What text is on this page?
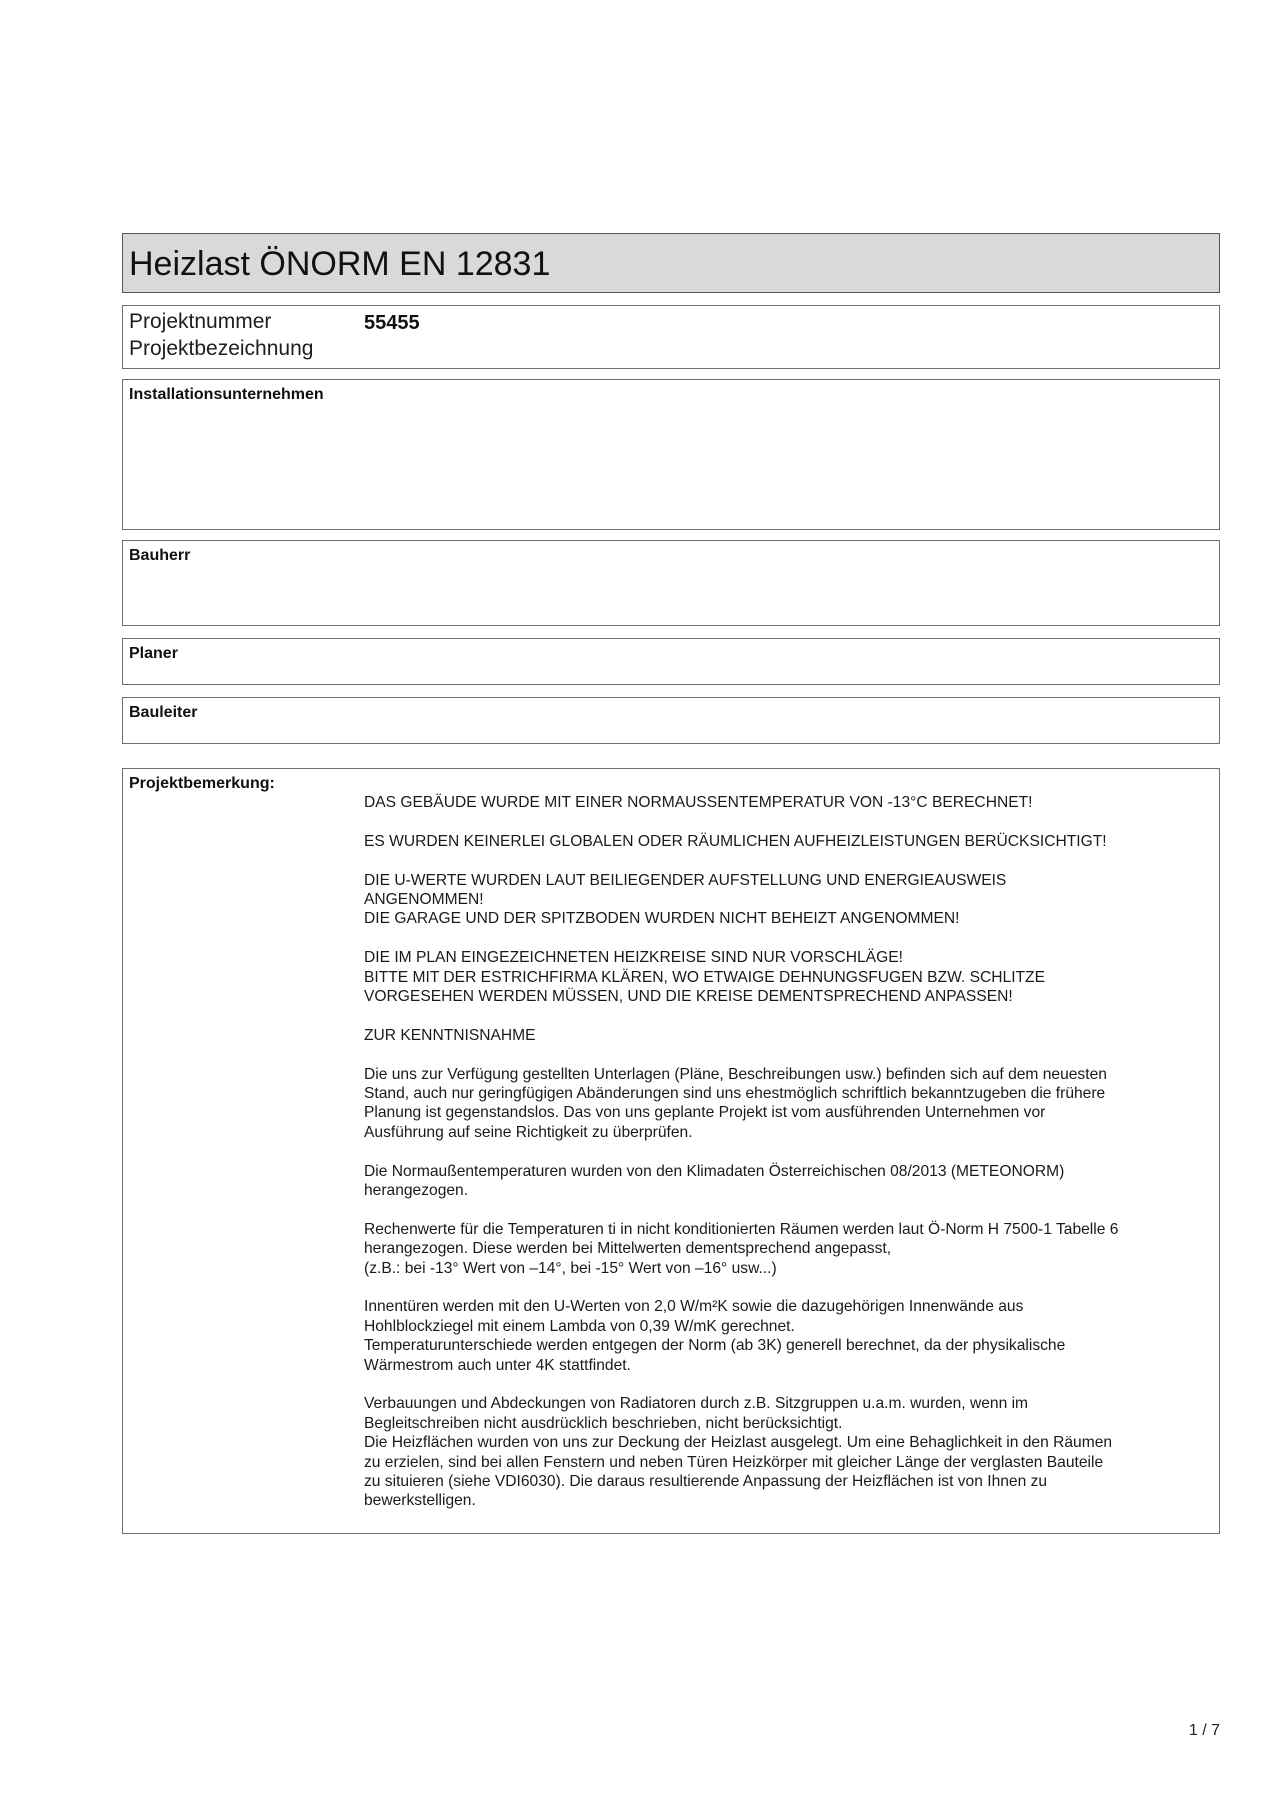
Heizlast ÖNORM EN 12831
Projektnummer	55455
Projektbezeichnung
Installationsunternehmen
Bauherr
Planer
Bauleiter
Projektbemerkung:

DAS GEBÄUDE WURDE MIT EINER NORMAUSSENTEMPERATUR VON -13°C BERECHNET!

ES WURDEN KEINERLEI GLOBALEN ODER RÄUMLICHEN AUFHEIZLEISTUNGEN BERÜCKSICHTIGT!

DIE U-WERTE WURDEN LAUT BEILIEGENDER AUFSTELLUNG UND ENERGIEAUSWEIS
ANGENOMMEN!
DIE GARAGE UND DER SPITZBODEN WURDEN NICHT BEHEIZT ANGENOMMEN!

DIE IM PLAN EINGEZEICHNETEN HEIZKREISE SIND NUR VORSCHLÄGE!
BITTE MIT DER ESTRICHFIRMA KLÄREN, WO ETWAIGE DEHNUNGSFUGEN BZW. SCHLITZE
VORGESEHEN WERDEN MÜSSEN, UND DIE KREISE DEMENTSPRECHEND ANPASSEN!

ZUR KENNTNISNAHME

Die uns zur Verfügung gestellten Unterlagen (Pläne, Beschreibungen usw.) befinden sich auf dem neuesten
Stand, auch nur geringfügigen Abänderungen sind uns ehestmöglich schriftlich bekanntzugeben die frühere
Planung ist gegenstandslos. Das von uns geplante Projekt ist vom ausführenden Unternehmen vor
Ausführung auf seine Richtigkeit zu überprüfen.

Die Normaußentemperaturen wurden von den Klimadaten Österreichischen 08/2013 (METEONORM)
herangezogen.

Rechenwerte für die Temperaturen ti in nicht konditionierten Räumen werden laut Ö-Norm H 7500-1 Tabelle 6
herangezogen. Diese werden bei Mittelwerten dementsprechend angepasst,
(z.B.: bei -13° Wert von –14°, bei -15° Wert von –16° usw...)

Innentüren werden mit den U-Werten von 2,0 W/m²K sowie die dazugehörigen Innenwände aus
Hohlblockziegel mit einem Lambda von 0,39 W/mK gerechnet.
Temperaturunterschiede werden entgegen der Norm (ab 3K) generell berechnet, da der physikalische
Wärmestrom auch unter 4K stattfindet.

Verbauungen und Abdeckungen von Radiatoren durch z.B. Sitzgruppen u.a.m. wurden, wenn im
Begleitschreiben nicht ausdrücklich beschrieben, nicht berücksichtigt.
Die Heizflächen wurden von uns zur Deckung der Heizlast ausgelegt. Um eine Behaglichkeit in den Räumen
zu erzielen, sind bei allen Fenstern und neben Türen Heizkörper mit gleicher Länge der verglasten Bauteile
zu situieren (siehe VDI6030). Die daraus resultierende Anpassung der Heizflächen ist von Ihnen zu
bewerkstelligen.

1 / 7
